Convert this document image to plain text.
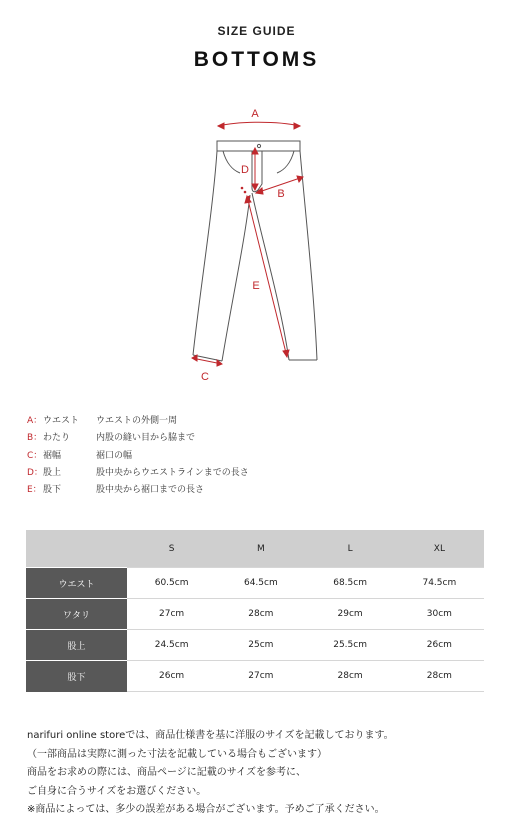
SIZE GUIDE
BOTTOMS
A
D
B
E
C
A： ウエスト	ウエストの外側一周
B： わたり	内股の縫い目から脇まで
C： 裾幅	裾口の幅
D： 股上	股中央からウエストラインまでの長さ
E： 股下	股中央から裾口までの長さ
	S	M	L	XL
ウエスト	60.5cm	64.5cm	68.5cm	74.5cm
ワタリ	27cm	28cm	29cm	30cm
股上	24.5cm	25cm	25.5cm	26cm
股下	26cm	27cm	28cm	28cm

narifuri online storeでは、商品仕様書を基に洋服のサイズを記載しております。

（一部商品は実際に測った寸法を記載している場合もございます）

商品をお求めの際には、商品ページに記載のサイズを参考に、

ご自身に合うサイズをお選びください。

※商品によっては、多少の誤差がある場合がございます。予めご了承ください。
